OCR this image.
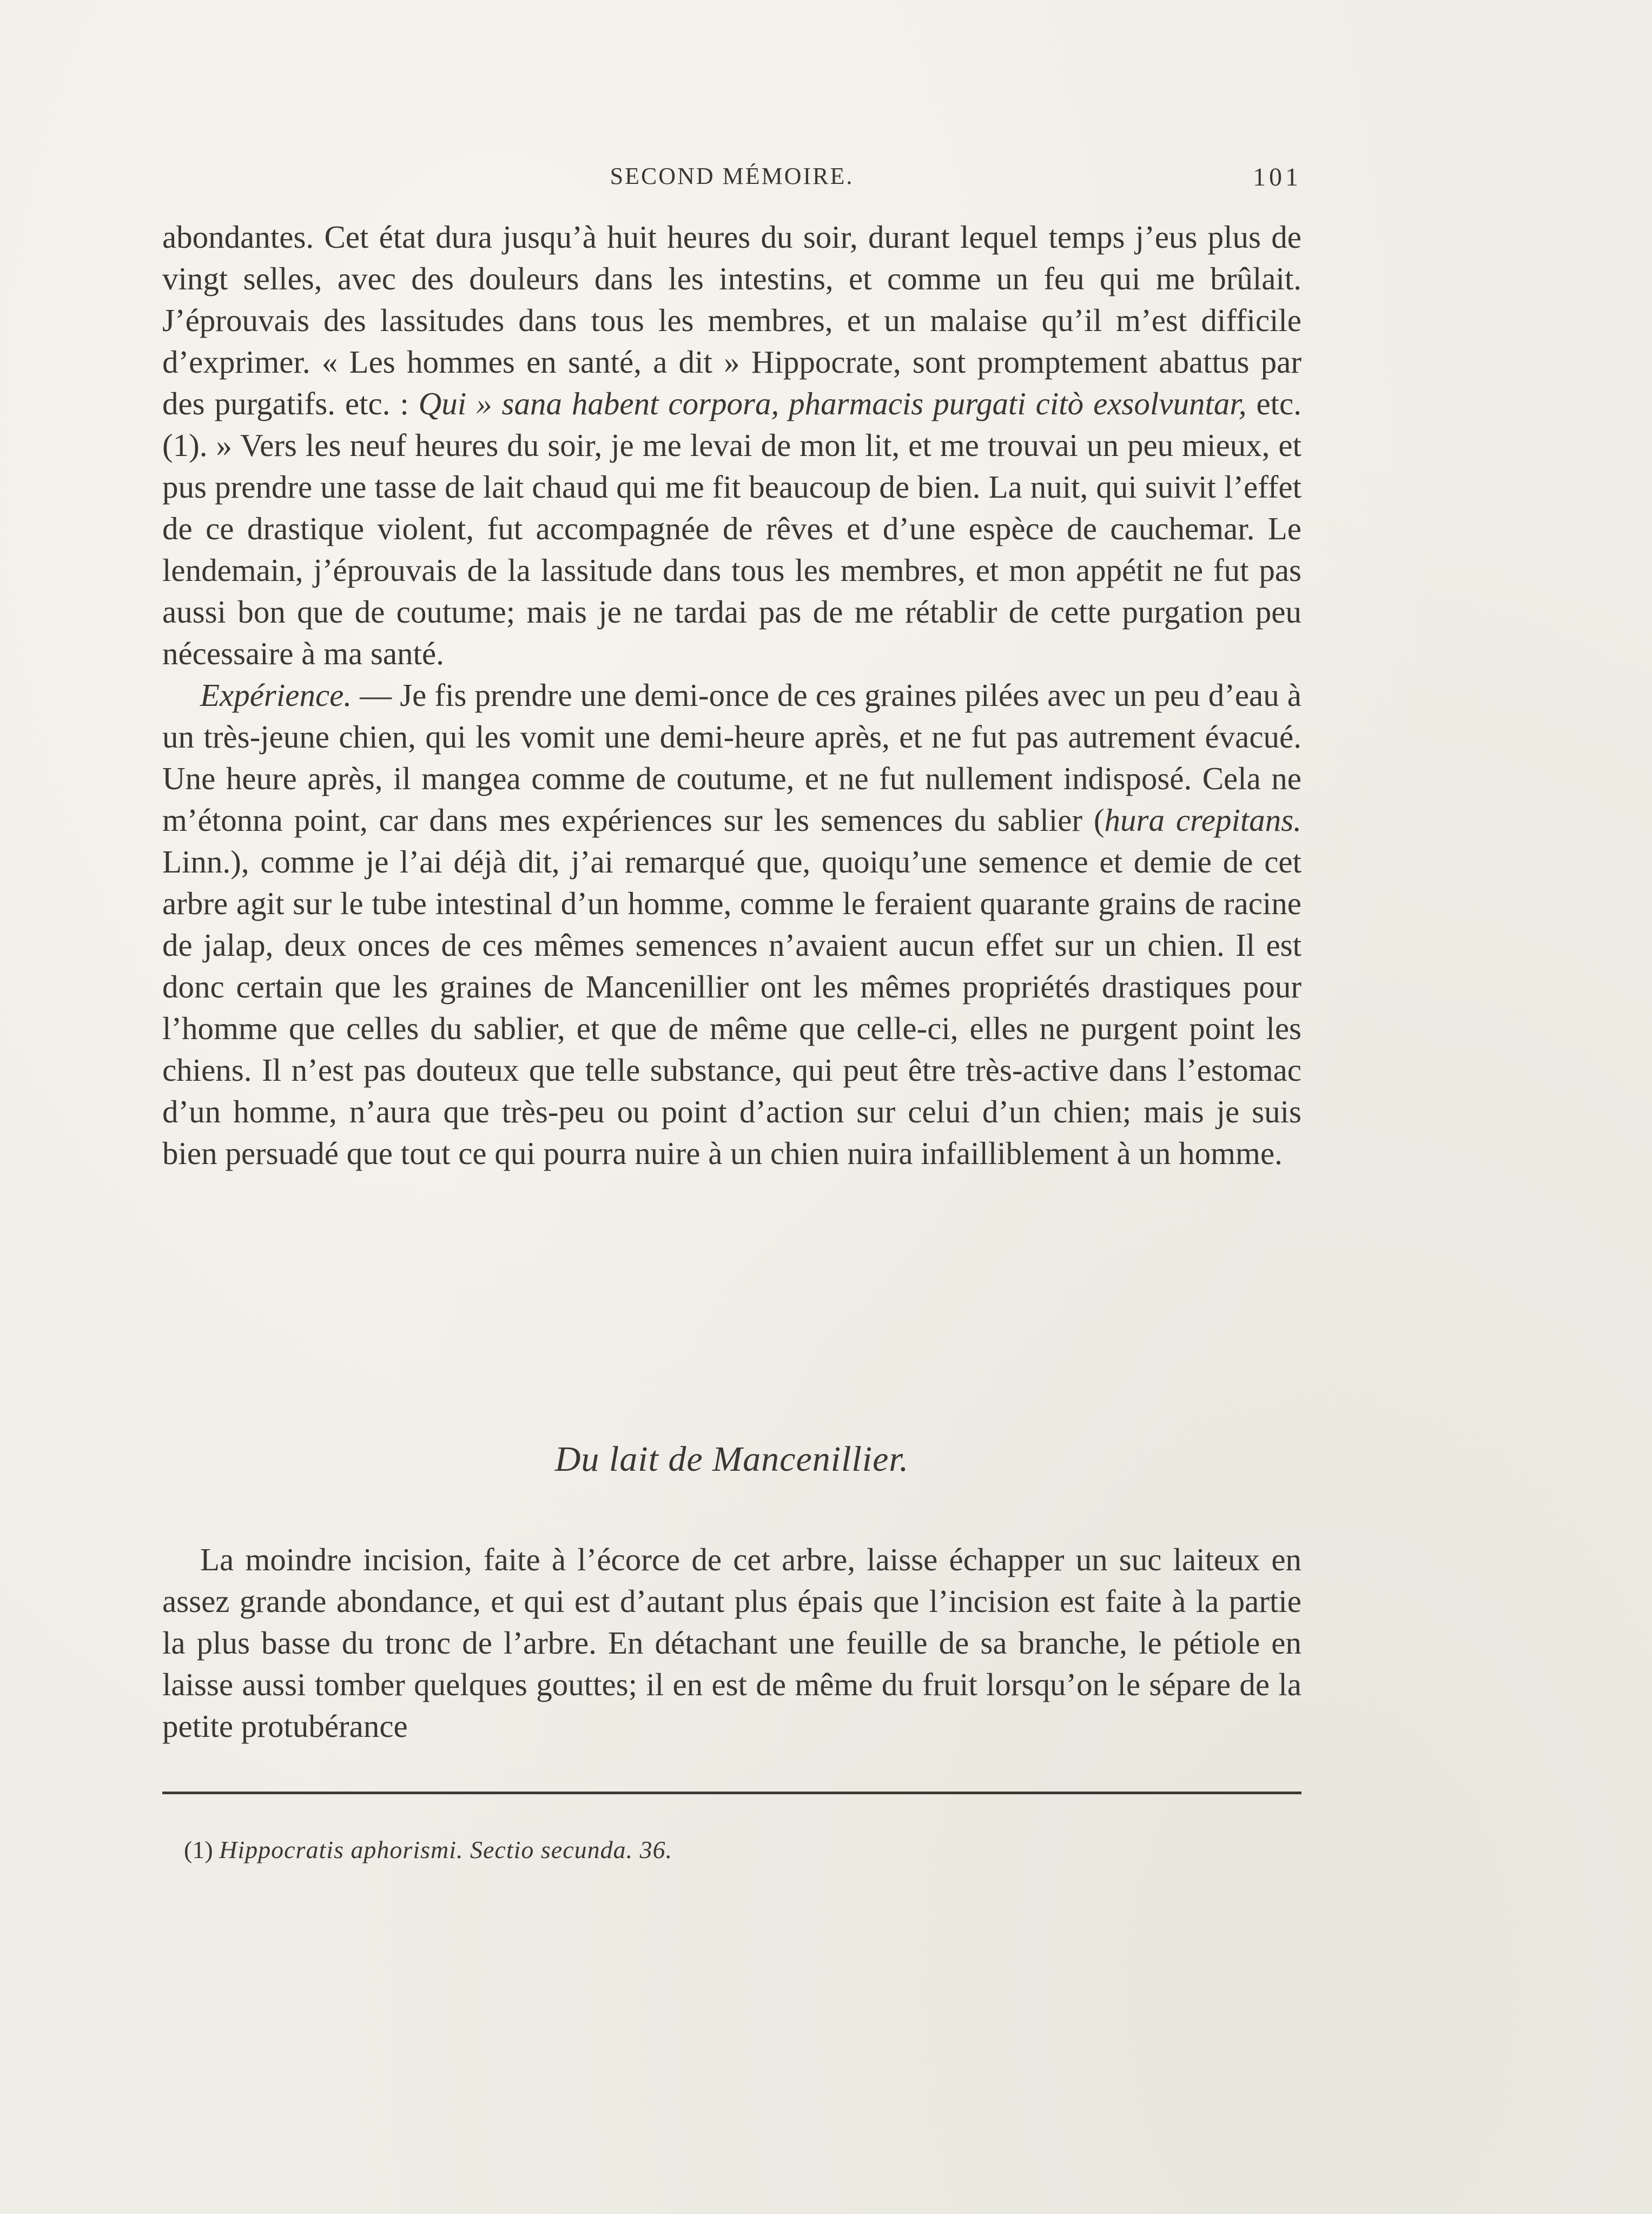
SECOND MÉMOIRE.	101

abondantes. Cet état dura jusqu’à huit heures du soir, durant lequel temps j’eus plus de vingt selles, avec des douleurs dans les intestins, et comme un feu qui me brûlait. J’éprouvais des lassitudes dans tous les membres, et un malaise qu’il m’est difficile d’exprimer. « Les hommes en santé, a dit » Hippocrate, sont promptement abattus par des purgatifs. etc. : Qui » sana habent corpora, pharmacis purgati citò exsolvuntar, etc. (1). » Vers les neuf heures du soir, je me levai de mon lit, et me trouvai un peu mieux, et pus prendre une tasse de lait chaud qui me fit beaucoup de bien. La nuit, qui suivit l’effet de ce drastique violent, fut accompagnée de rêves et d’une espèce de cauchemar. Le lendemain, j’éprouvais de la lassitude dans tous les membres, et mon appétit ne fut pas aussi bon que de coutume; mais je ne tardai pas de me rétablir de cette purgation peu nécessaire à ma santé.

Expérience. — Je fis prendre une demi-once de ces graines pilées avec un peu d’eau à un très-jeune chien, qui les vomit une demi-heure après, et ne fut pas autrement évacué. Une heure après, il mangea comme de coutume, et ne fut nullement indisposé. Cela ne m’étonna point, car dans mes expériences sur les semences du sablier (hura crepitans. Linn.), comme je l’ai déjà dit, j’ai remarqué que, quoiqu’une semence et demie de cet arbre agit sur le tube intestinal d’un homme, comme le feraient quarante grains de racine de jalap, deux onces de ces mêmes semences n’avaient aucun effet sur un chien. Il est donc certain que les graines de Mancenillier ont les mêmes propriétés drastiques pour l’homme que celles du sablier, et que de même que celle-ci, elles ne purgent point les chiens. Il n’est pas douteux que telle substance, qui peut être très-active dans l’estomac d’un homme, n’aura que très-peu ou point d’action sur celui d’un chien; mais je suis bien persuadé que tout ce qui pourra nuire à un chien nuira infailliblement à un homme.

Du lait de Mancenillier.

La moindre incision, faite à l’écorce de cet arbre, laisse échapper un suc laiteux en assez grande abondance, et qui est d’autant plus épais que l’incision est faite à la partie la plus basse du tronc de l’arbre. En détachant une feuille de sa branche, le pétiole en laisse aussi tomber quelques gouttes; il en est de même du fruit lorsqu’on le sépare de la petite protubérance

(1) Hippocratis aphorismi. Sectio secunda. 36.
